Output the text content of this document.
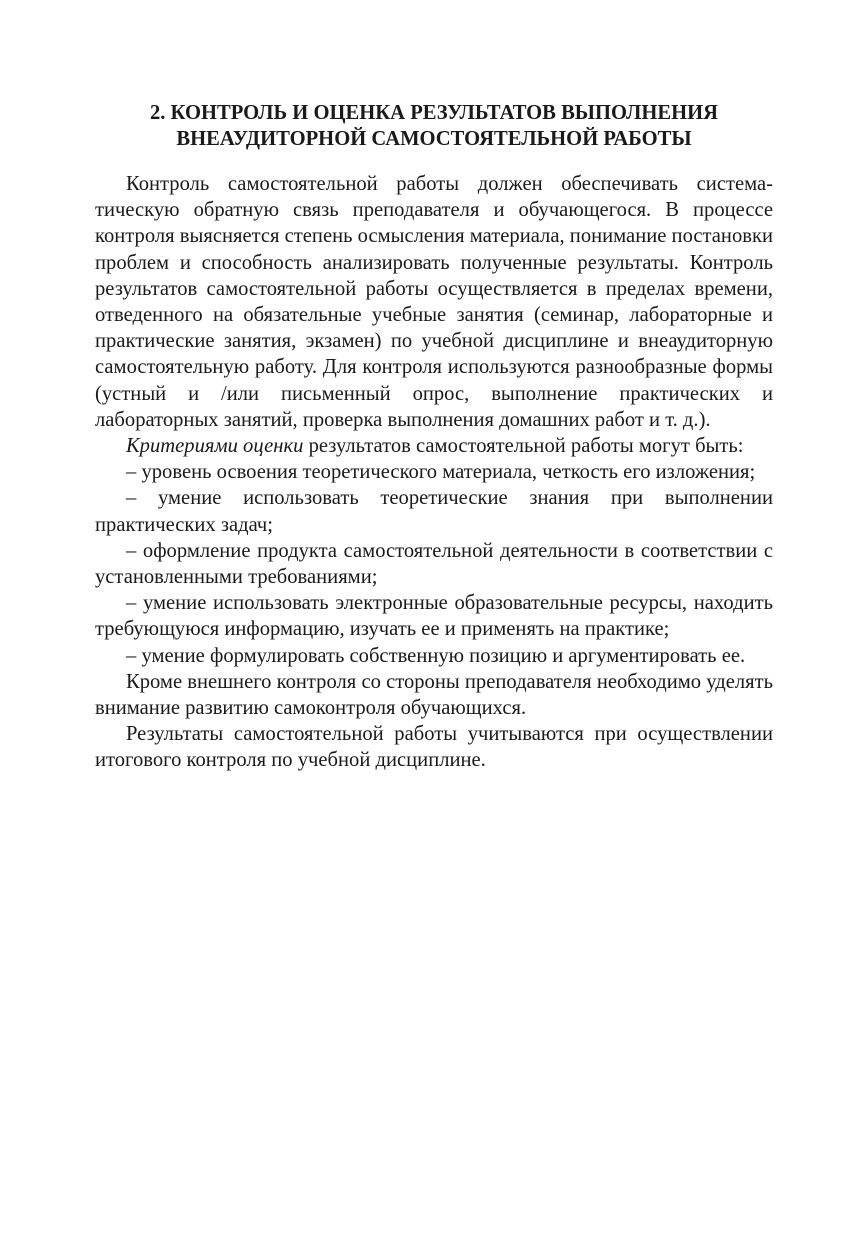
2. КОНТРОЛЬ И ОЦЕНКА РЕЗУЛЬТАТОВ ВЫПОЛНЕНИЯ
ВНЕАУДИТОРНОЙ САМОСТОЯТЕЛЬНОЙ РАБОТЫ

Контроль самостоятельной работы должен обеспечивать систематическую обратную связь преподавателя и обучающегося. В процессе контроля выясняется степень осмысления материала, понимание постановки проблем и способность анализировать полученные результаты. Контроль результатов самостоятельной работы осуществляется в пределах времени, отведенного на обязательные учебные занятия (семинар, лабораторные и практические занятия, экзамен) по учебной дисциплине и внеаудиторную самостоятельную работу. Для контроля используются разнообразные формы (устный и /или письменный опрос, выполнение практических и лабораторных занятий, проверка выполнения домашних работ и т. д.).

Критериями оценки результатов самостоятельной работы могут быть:

– уровень освоения теоретического материала, четкость его изложения;

– умение использовать теоретические знания при выполнении практических задач;

– оформление продукта самостоятельной деятельности в соответствии с установленными требованиями;

– умение использовать электронные образовательные ресурсы, находить требующуюся информацию, изучать ее и применять на практике;

– умение формулировать собственную позицию и аргументировать ее.

Кроме внешнего контроля со стороны преподавателя необходимо уделять внимание развитию самоконтроля обучающихся.

Результаты самостоятельной работы учитываются при осуществлении итогового контроля по учебной дисциплине.
